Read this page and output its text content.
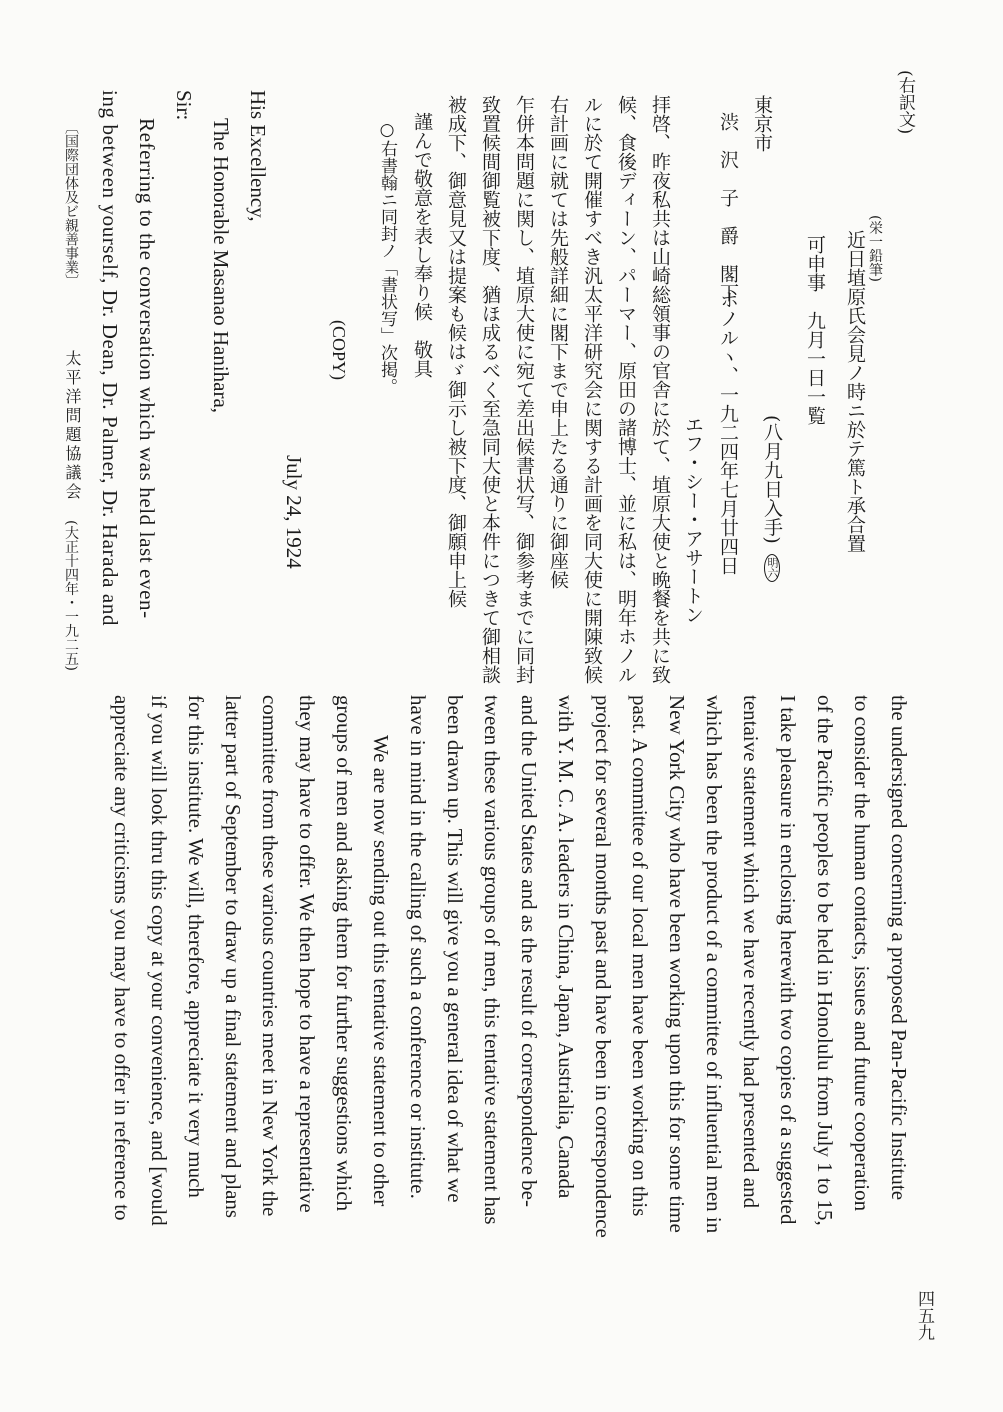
(右訳文)
(栄一鉛筆)
近日埴原氏会見ノ時ニ於テ篤ト承合置
可申事　九月一日一覧
(八月九日入手) 明六
東京市
渋　沢　子　爵　閣下
ホノルヽ、一九二四年七月廿四日
エフ・シー・アサートン
拝啓、昨夜私共は山崎総領事の官舎に於て、埴原大使と晩餐を共に致
候、食後ディーン、パーマー、原田の諸博士、並に私は、明年ホノル
ルに於て開催すべき汎太平洋研究会に関する計画を同大使に開陳致候
右計画に就ては先般詳細に閣下まで申上たる通りに御座候
乍併本問題に関し、埴原大使に宛て差出候書状写、御参考までに同封
致置候間御覧被下度、猶ほ成るべく至急同大使と本件につきて御相談
被成下、御意見又は提案も候はゞ御示し被下度、御願申上候
謹んで敬意を表し奉り候　敬具
○右書翰ニ同封ノ「書状写」次掲。
(COPY)
July 24, 1924
His Excellency,
The Honorable Masanao Hanihara,
Sir:
Referring to the conversation which was held last even-
ing between yourself, Dr. Dean, Dr. Palmer, Dr. Harada and
〔国際団体及ビ親善事業〕
太平洋問題協議会
(大正十四年・一九二五)
the undersigned concerning a proposed Pan-Pacific Institute
to consider the human contacts, issues and future cooperation
of the Pacific peoples to be held in Honolulu from July 1 to 15,
I take pleasure in enclosing herewith two copies of a suggested
tentaive statement which we have recently had presented and
which has been the product of a committee of influential men in
New York City who have been working upon this for some time
past. A committee of our local men have been working on this
project for several months past and have been in correspondence
with Y. M. C. A. leaders in China, Japan, Austrialia, Canada
and the United States and as the result of correspondence be-
tween these various groups of men, this tentative statement has
been drawn up. This will give you a general idea of what we
have in mind in the calling of such a conference or institute.
We are now sending out this tentative statement to other
groups of men and asking them for further suggestions which
they may have to offer. We then hope to have a representative
committee from these various countries meet in New York the
latter part of September to draw up a final statement and plans
for this institute. We will, therefore, appreciate it very much
if you will look thru this copy at your convenience, and [would
appreciate any criticisms you may have to offer in reference to
四五九
